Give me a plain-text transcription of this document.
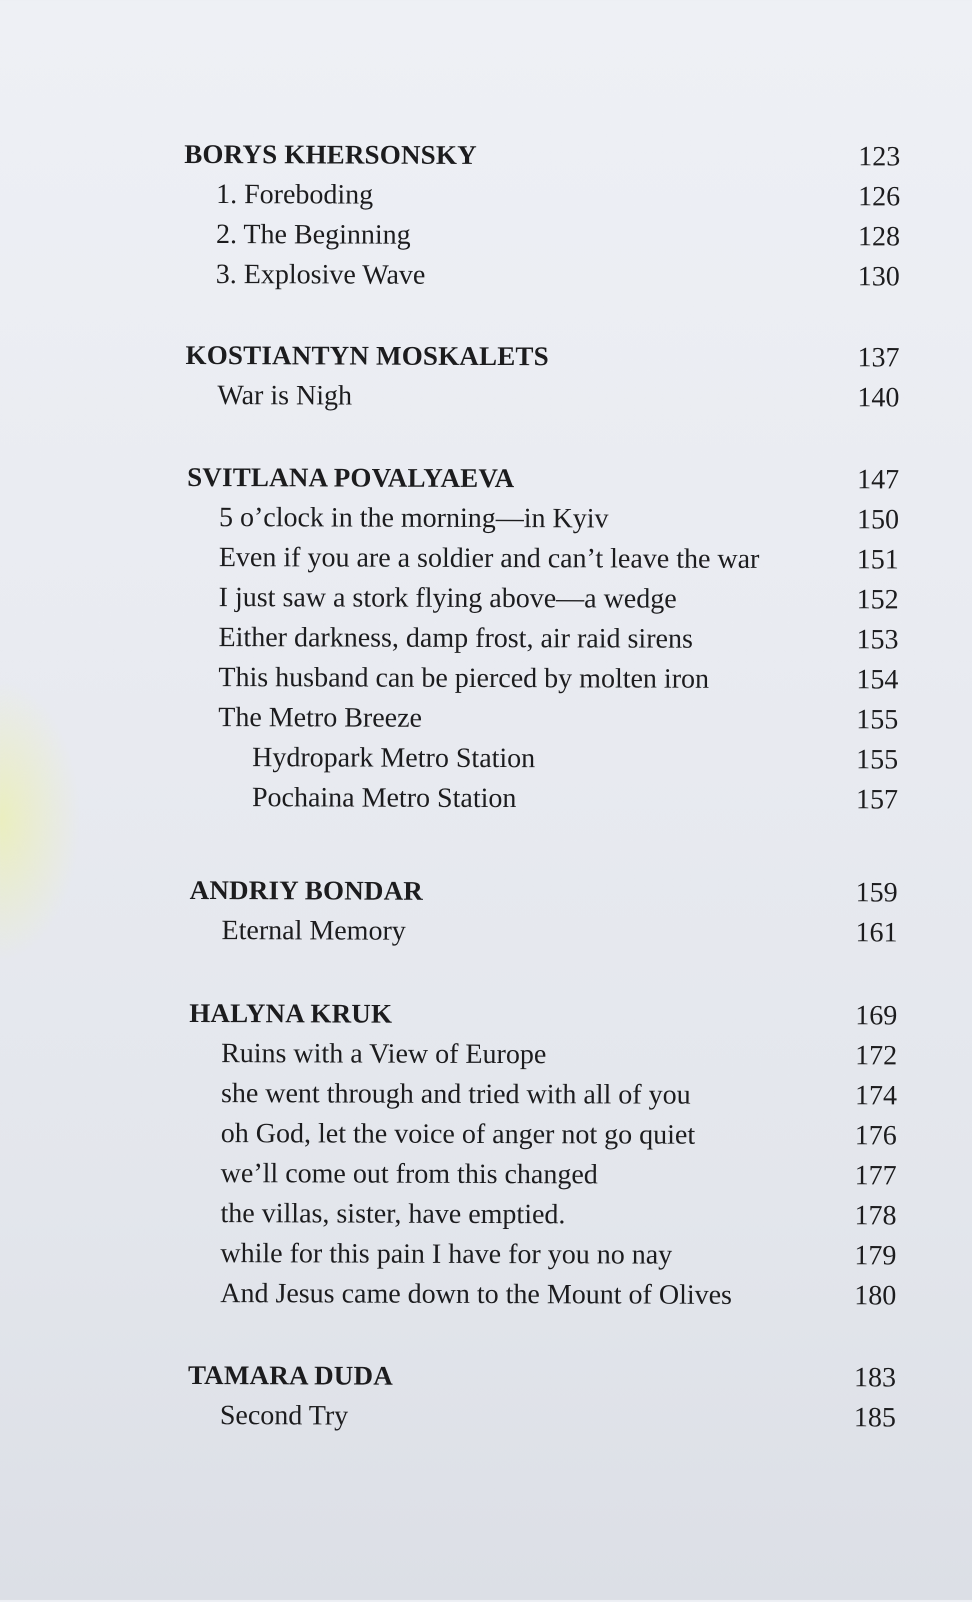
BORYS KHERSONSKY	123
1. Foreboding	126
2. The Beginning	128
3. Explosive Wave	130
KOSTIANTYN MOSKALETS	137
War is Nigh	140
SVITLANA POVALYAEVA	147
5 o’clock in the morning—in Kyiv	150
Even if you are a soldier and can’t leave the war	151
I just saw a stork flying above—a wedge	152
Either darkness, damp frost, air raid sirens	153
This husband can be pierced by molten iron	154
The Metro Breeze	155
Hydropark Metro Station	155
Pochaina Metro Station	157
ANDRIY BONDAR	159
Eternal Memory	161
HALYNA KRUK	169
Ruins with a View of Europe	172
she went through and tried with all of you	174
oh God, let the voice of anger not go quiet	176
we’ll come out from this changed	177
the villas, sister, have emptied.	178
while for this pain I have for you no nay	179
And Jesus came down to the Mount of Olives	180
TAMARA DUDA	183
Second Try	185
